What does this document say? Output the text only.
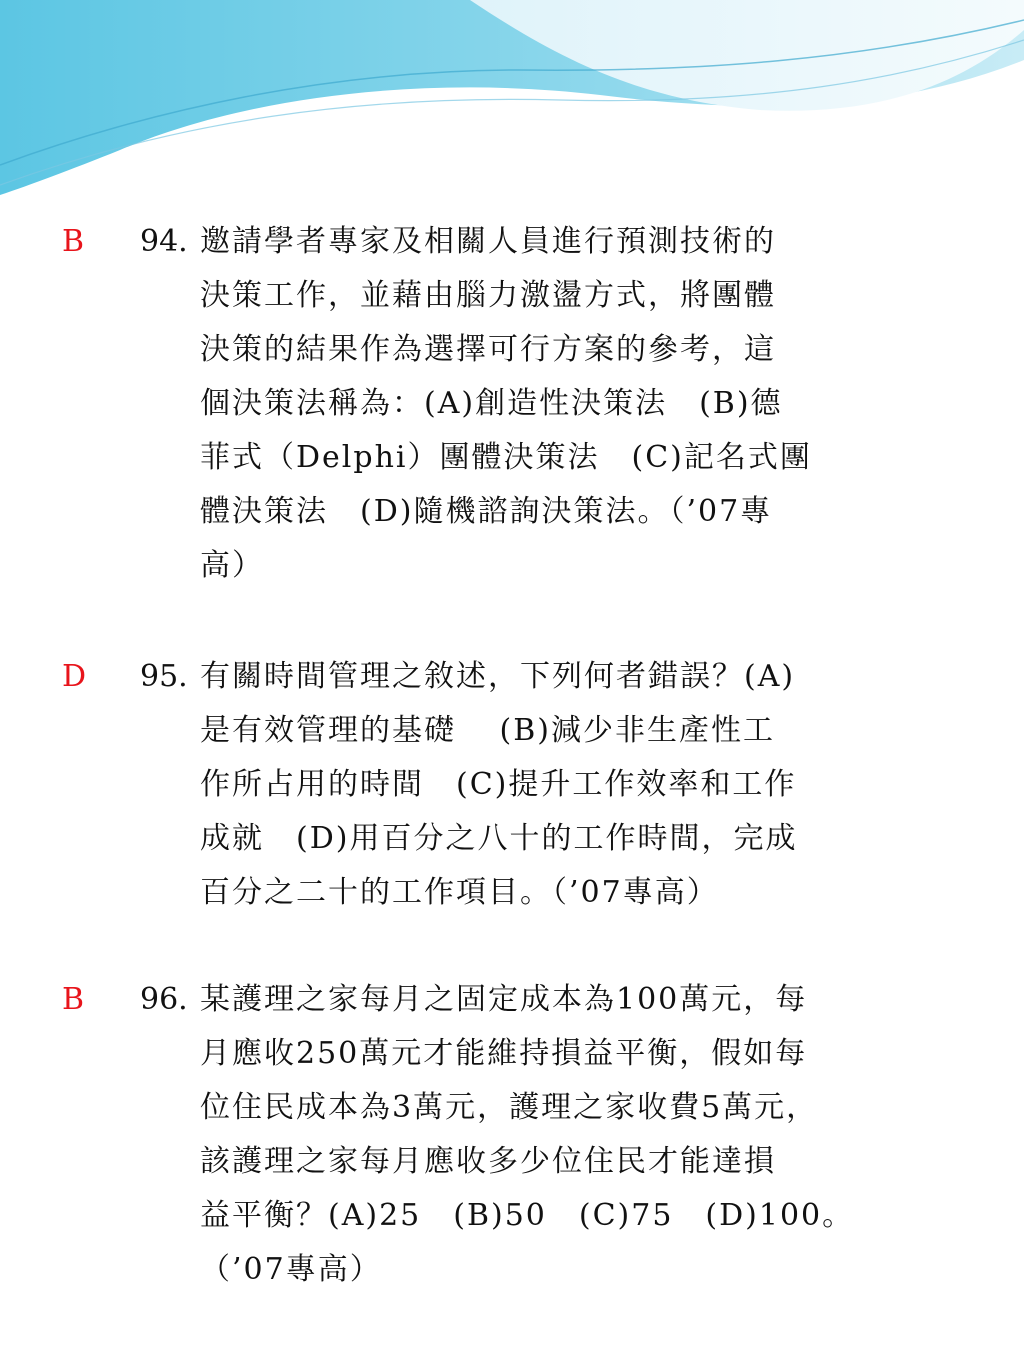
B 94. 邀請學者專家及相關人員進行預測技術的
決策工作，並藉由腦力激盪方式，將團體
決策的結果作為選擇可行方案的參考，這
個決策法稱為：(A)創造性決策法　(B)德
菲式（Delphi）團體決策法　(C)記名式團
體決策法　(D)隨機諮詢決策法。（’07專
高）
D 95. 有關時間管理之敘述，下列何者錯誤？(A)
是有效管理的基礎　 (B)減少非生產性工
作所占用的時間　(C)提升工作效率和工作
成就　(D)用百分之八十的工作時間，完成
百分之二十的工作項目。（’07專高）
B 96. 某護理之家每月之固定成本為100萬元，每
月應收250萬元才能維持損益平衡，假如每
位住民成本為3萬元，護理之家收費5萬元，
該護理之家每月應收多少位住民才能達損
益平衡？(A)25　(B)50　(C)75　(D)100。
（’07專高）
